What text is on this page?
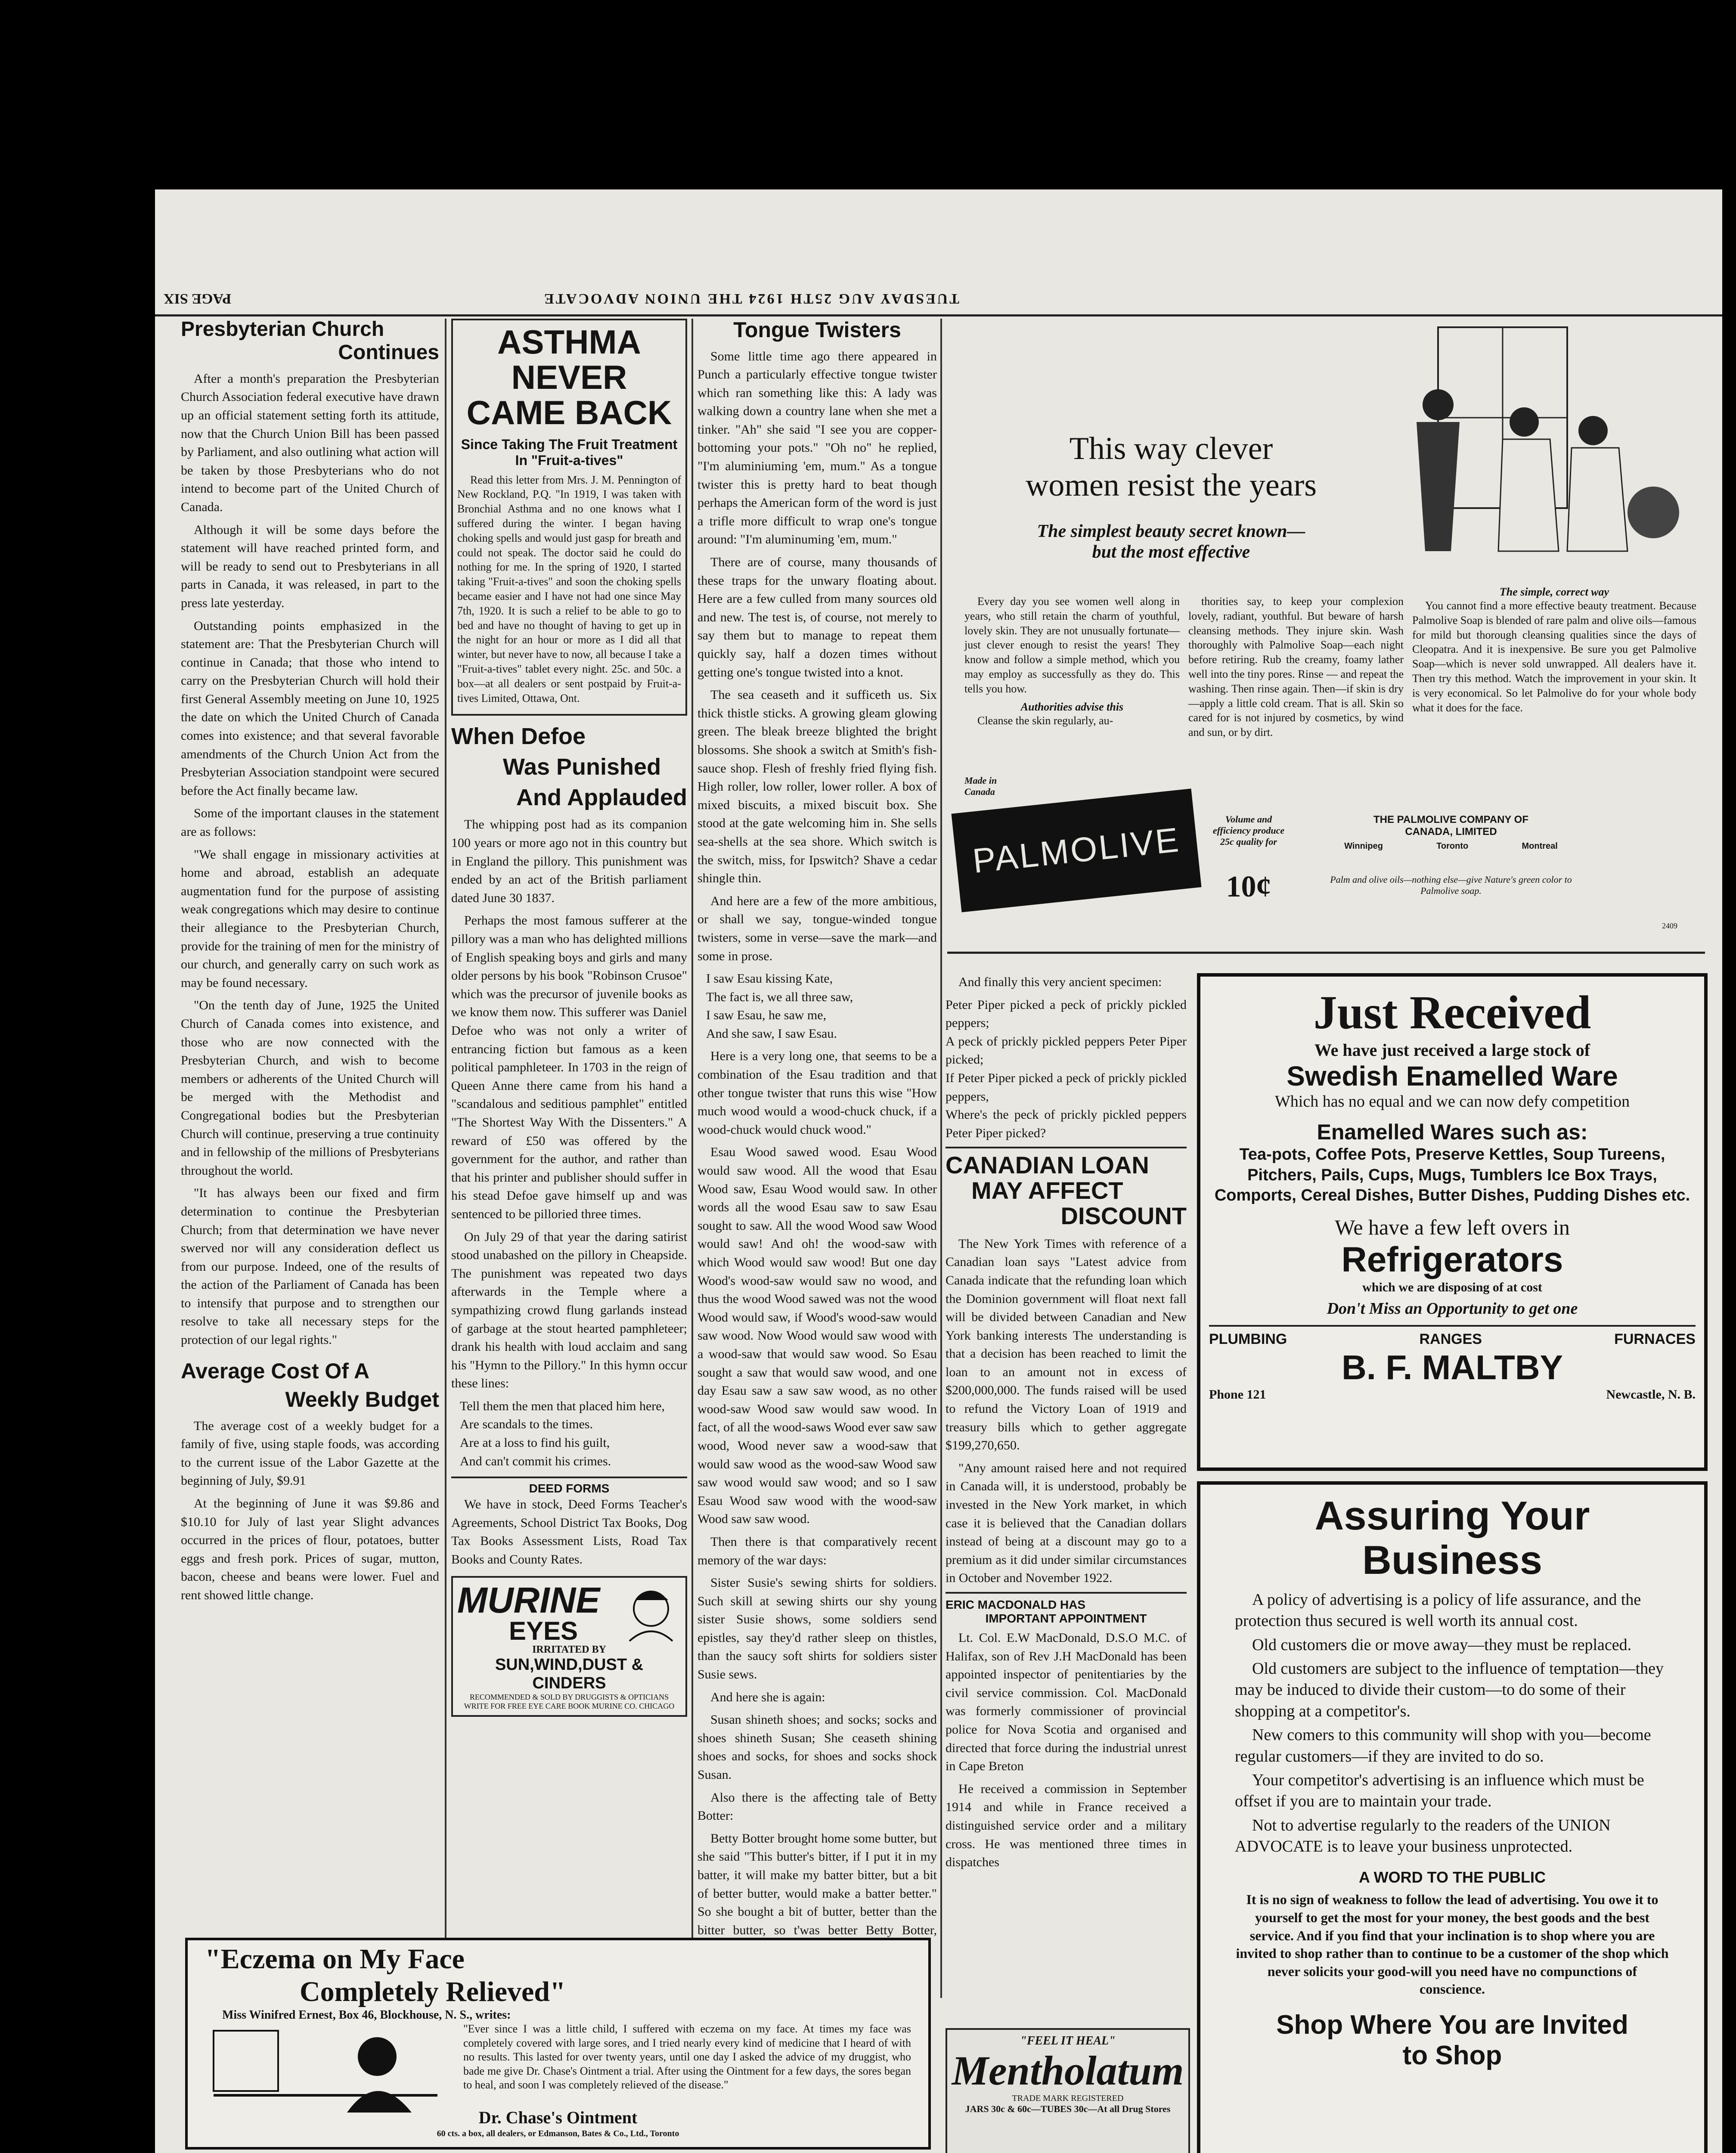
PAGE SIX	TUESDAY AUG 25TH 1924 THE UNION ADVOCATE
Presbyterian Church
Continues

After a month's preparation the Presbyterian Church Association federal executive have drawn up an official statement setting forth its attitude, now that the Church Union Bill has been passed by Parliament, and also outlining what action will be taken by those Presbyterians who do not intend to become part of the United Church of Canada.

Although it will be some days before the statement will have reached printed form, and will be ready to send out to Presbyterians in all parts in Canada, it was released, in part to the press late yesterday.

Outstanding points emphasized in the statement are: That the Presbyterian Church will continue in Canada; that those who intend to carry on the Presbyterian Church will hold their first General Assembly meeting on June 10, 1925 the date on which the United Church of Canada comes into existence; and that several favorable amendments of the Church Union Act from the Presbyterian Association standpoint were secured before the Act finally became law.

Some of the important clauses in the statement are as follows:

"We shall engage in missionary activities at home and abroad, establish an adequate augmentation fund for the purpose of assisting weak congregations which may desire to continue their allegiance to the Presbyterian Church, provide for the training of men for the ministry of our church, and generally carry on such work as may be found necessary.

"On the tenth day of June, 1925 the United Church of Canada comes into existence, and those who are now connected with the Presbyterian Church, and wish to become members or adherents of the United Church will be merged with the Methodist and Congregational bodies but the Presbyterian Church will continue, preserving a true continuity and in fellowship of the millions of Presbyterians throughout the world.

"It has always been our fixed and firm determination to continue the Presbyterian Church; from that determination we have never swerved nor will any consideration deflect us from our purpose. Indeed, one of the results of the action of the Parliament of Canada has been to intensify that purpose and to strengthen our resolve to take all necessary steps for the protection of our legal rights."

Average Cost Of A
Weekly Budget

The average cost of a weekly budget for a family of five, using staple foods, was according to the current issue of the Labor Gazette at the beginning of July, $9.91

At the beginning of June it was $9.86 and $10.10 for July of last year Slight advances occurred in the prices of flour, potatoes, butter eggs and fresh pork. Prices of sugar, mutton, bacon, cheese and beans were lower. Fuel and rent showed little change.

ASTHMA NEVER
CAME BACK
Since Taking The Fruit Treatment
In "Fruit-a-tives"

Read this letter from Mrs. J. M. Pennington of New Rockland, P.Q. "In 1919, I was taken with Bronchial Asthma and no one knows what I suffered during the winter. I began having choking spells and would just gasp for breath and could not speak. The doctor said he could do nothing for me. In the spring of 1920, I started taking "Fruit-a-tives" and soon the choking spells became easier and I have not had one since May 7th, 1920. It is such a relief to be able to go to bed and have no thought of having to get up in the night for an hour or more as I did all that winter, but never have to now, all because I take a "Fruit-a-tives" tablet every night. 25c. and 50c. a box—at all dealers or sent postpaid by Fruit-a-tives Limited, Ottawa, Ont.

When Defoe
Was Punished
And Applauded

The whipping post had as its companion 100 years or more ago not in this country but in England the pillory. This punishment was ended by an act of the British parliament dated June 30 1837.

Perhaps the most famous sufferer at the pillory was a man who has delighted millions of English speaking boys and girls and many older persons by his book "Robinson Crusoe" which was the precursor of juvenile books as we know them now. This sufferer was Daniel Defoe who was not only a writer of entrancing fiction but famous as a keen political pamphleteer. In 1703 in the reign of Queen Anne there came from his hand a "scandalous and seditious pamphlet" entitled "The Shortest Way With the Dissenters." A reward of £50 was offered by the government for the author, and rather than that his printer and publisher should suffer in his stead Defoe gave himself up and was sentenced to be pilloried three times.

On July 29 of that year the daring satirist stood unabashed on the pillory in Cheapside. The punishment was repeated two days afterwards in the Temple where a sympathizing crowd flung garlands instead of garbage at the stout hearted pamphleteer; drank his health with loud acclaim and sang his "Hymn to the Pillory." In this hymn occur these lines:

Tell them the men that placed him here,

Are scandals to the times.

Are at a loss to find his guilt,

And can't commit his crimes.

DEED FORMS

We have in stock, Deed Forms Teacher's Agreements, School District Tax Books, Dog Tax Books Assessment Lists, Road Tax Books and County Rates.

MURINE
EYES
IRRITATED BY
SUN,WIND,DUST & CINDERS
RECOMMENDED & SOLD BY DRUGGISTS & OPTICIANS
WRITE FOR FREE EYE CARE BOOK MURINE CO. CHICAGO
Tongue Twisters

Some little time ago there appeared in Punch a particularly effective tongue twister which ran something like this: A lady was walking down a country lane when she met a tinker. "Ah" she said "I see you are copper-bottoming your pots." "Oh no" he replied, "I'm aluminiuming 'em, mum." As a tongue twister this is pretty hard to beat though perhaps the American form of the word is just a trifle more difficult to wrap one's tongue around: "I'm aluminuming 'em, mum."

There are of course, many thousands of these traps for the unwary floating about. Here are a few culled from many sources old and new. The test is, of course, not merely to say them but to manage to repeat them quickly say, half a dozen times without getting one's tongue twisted into a knot.

The sea ceaseth and it sufficeth us. Six thick thistle sticks. A growing gleam glowing green. The bleak breeze blighted the bright blossoms. She shook a switch at Smith's fish-sauce shop. Flesh of freshly fried flying fish. High roller, low roller, lower roller. A box of mixed biscuits, a mixed biscuit box. She stood at the gate welcoming him in. She sells sea-shells at the sea shore. Which switch is the switch, miss, for Ipswitch? Shave a cedar shingle thin.

And here are a few of the more ambitious, or shall we say, tongue-winded tongue twisters, some in verse—save the mark—and some in prose.

I saw Esau kissing Kate,

The fact is, we all three saw,

I saw Esau, he saw me,

And she saw, I saw Esau.

Here is a very long one, that seems to be a combination of the Esau tradition and that other tongue twister that runs this wise "How much wood would a wood-chuck chuck, if a wood-chuck would chuck wood."

Esau Wood sawed wood. Esau Wood would saw wood. All the wood that Esau Wood saw, Esau Wood would saw. In other words all the wood Esau saw to saw Esau sought to saw. All the wood Wood saw Wood would saw! And oh! the wood-saw with which Wood would saw wood! But one day Wood's wood-saw would saw no wood, and thus the wood Wood sawed was not the wood Wood would saw, if Wood's wood-saw would saw wood. Now Wood would saw wood with a wood-saw that would saw wood. So Esau sought a saw that would saw wood, and one day Esau saw a saw saw wood, as no other wood-saw Wood saw would saw wood. In fact, of all the wood-saws Wood ever saw saw wood, Wood never saw a wood-saw that would saw wood as the wood-saw Wood saw saw wood would saw wood; and so I saw Esau Wood saw wood with the wood-saw Wood saw saw wood.

Then there is that comparatively recent memory of the war days:

Sister Susie's sewing shirts for soldiers. Such skill at sewing shirts our shy young sister Susie shows, some soldiers send epistles, say they'd rather sleep on thistles, than the saucy soft shirts for soldiers sister Susie sews.

And here she is again:

Susan shineth shoes; and socks; socks and shoes shineth Susan; She ceaseth shining shoes and socks, for shoes and socks shock Susan.

Also there is the affecting tale of Betty Botter:

Betty Botter brought home some butter, but she said "This butter's bitter, if I put it in my batter, it will make my batter bitter, but a bit of better butter, would make a batter better." So she bought a bit of butter, better than the bitter butter, so t'was better Betty Botter,

And finally this very ancient specimen:

Peter Piper picked a peck of prickly pickled peppers;

A peck of prickly pickled peppers Peter Piper picked;

If Peter Piper picked a peck of prickly pickled peppers,

Where's the peck of prickly pickled peppers Peter Piper picked?

CANADIAN LOAN
MAY AFFECT
DISCOUNT

The New York Times with reference of a Canadian loan says "Latest advice from Canada indicate that the refunding loan which the Dominion government will float next fall will be divided between Canadian and New York banking interests The understanding is that a decision has been reached to limit the loan to an amount not in excess of $200,000,000. The funds raised will be used to refund the Victory Loan of 1919 and treasury bills which to gether aggregate $199,270,650.

"Any amount raised here and not required in Canada will, it is understood, probably be invested in the New York market, in which case it is believed that the Canadian dollars instead of being at a discount may go to a premium as it did under similar circumstances in October and November 1922.

ERIC MACDONALD HAS
IMPORTANT APPOINTMENT

Lt. Col. E.W MacDonald, D.S.O M.C. of Halifax, son of Rev J.H MacDonald has been appointed inspector of penitentiaries by the civil service commission. Col. MacDonald was formerly commissioner of provincial police for Nova Scotia and organised and directed that force during the industrial unrest in Cape Breton

He received a commission in September 1914 and while in France received a distinguished service order and a military cross. He was mentioned three times in dispatches

"FEEL IT HEAL"
Mentholatum
TRADE MARK REGISTERED
JARS 30c & 60c—TUBES 30c—At all Drug Stores
This way clever
women resist the years
The simplest beauty secret known—
but the most effective

Every day you see women well along in years, who still retain the charm of youthful, lovely skin. They are not unusually fortunate—just clever enough to resist the years! They know and follow a simple method, which you may employ as successfully as they do. This tells you how.

Authorities advise this

Cleanse the skin regularly, au-

thorities say, to keep your complexion lovely, radiant, youthful. But beware of harsh cleansing methods. They injure skin. Wash thoroughly with Palmolive Soap—each night before retiring. Rub the creamy, foamy lather well into the tiny pores. Rinse — and repeat the washing. Then rinse again. Then—if skin is dry—apply a little cold cream. That is all. Skin so cared for is not injured by cosmetics, by wind and sun, or by dirt.

The simple, correct way

You cannot find a more effective beauty treatment. Because Palmolive Soap is blended of rare palm and olive oils—famous for mild but thorough cleansing qualities since the days of Cleopatra. And it is inexpensive. Be sure you get Palmolive Soap—which is never sold unwrapped. All dealers have it. Then try this method. Watch the improvement in your skin. It is very economical. So let Palmolive do for your whole body what it does for the face.

Made in Canada
PALMOLIVE
Volume and efficiency produce 25c quality for
10¢
THE PALMOLIVE COMPANY OF
CANADA, LIMITED
Winnipeg	Toronto	Montreal
Palm and olive oils—nothing else—give Nature's green color to Palmolive soap.
2409
Just Received
We have just received a large stock of
Swedish Enamelled Ware
Which has no equal and we can now defy competition
Enamelled Wares such as:
Tea-pots, Coffee Pots, Preserve Kettles, Soup Tureens, Pitchers, Pails, Cups, Mugs, Tumblers Ice Box Trays, Comports, Cereal Dishes, Butter Dishes, Pudding Dishes etc.
We have a few left overs in
Refrigerators
which we are disposing of at cost
Don't Miss an Opportunity to get one
PLUMBING	RANGES	FURNACES
B. F. MALTBY
Phone 121	Newcastle, N. B.
Assuring Your
Business

A policy of advertising is a policy of life assurance, and the protection thus secured is well worth its annual cost.

Old customers die or move away—they must be replaced.

Old customers are subject to the influence of temptation—they may be induced to divide their custom—to do some of their shopping at a competitor's.

New comers to this community will shop with you—become regular customers—if they are invited to do so.

Your competitor's advertising is an influence which must be offset if you are to maintain your trade.

Not to advertise regularly to the readers of the UNION ADVOCATE is to leave your business unprotected.

A WORD TO THE PUBLIC

It is no sign of weakness to follow the lead of advertising. You owe it to yourself to get the most for your money, the best goods and the best service. And if you find that your inclination is to shop where you are invited to shop rather than to continue to be a customer of the shop which never solicits your good-will you need have no compunctions of conscience.

Shop Where You are Invited
to Shop
"Eczema on My Face
Completely Relieved"
Miss Winifred Ernest, Box 46, Blockhouse, N. S., writes:

"Ever since I was a little child, I suffered with eczema on my face. At times my face was completely covered with large sores, and I tried nearly every kind of medicine that I heard of with no results. This lasted for over twenty years, until one day I asked the advice of my druggist, who bade me give Dr. Chase's Ointment a trial. After using the Ointment for a few days, the sores began to heal, and soon I was completely relieved of the disease."

Dr. Chase's Ointment
60 cts. a box, all dealers, or Edmanson, Bates & Co., Ltd., Toronto
